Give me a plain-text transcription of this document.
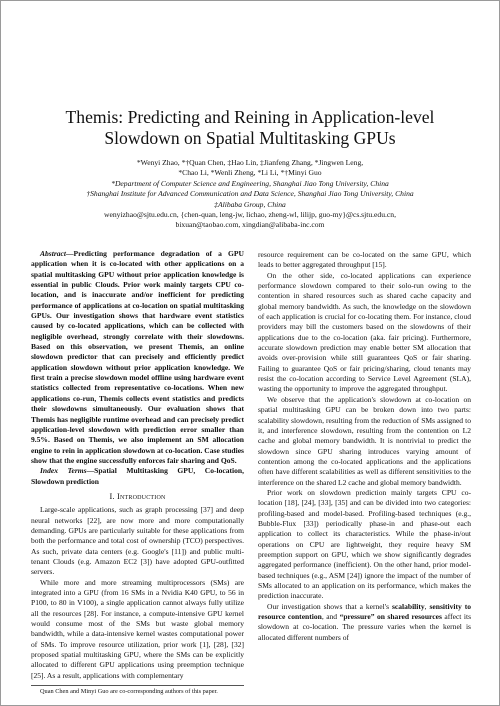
Themis: Predicting and Reining in Application-level
Slowdown on Spatial Multitasking GPUs
*Wenyi Zhao, *†Quan Chen, ‡Hao Lin, ‡Jianfeng Zhang, *Jingwen Leng,
*Chao Li, *Wenli Zheng, *Li Li, *†Minyi Guo
*Department of Computer Science and Engineering, Shanghai Jiao Tong University, China
†Shanghai Institute for Advanced Communication and Data Science, Shanghai Jiao Tong University, China
‡Alibaba Group, China
wenyizhao@sjtu.edu.cn, {chen-quan, leng-jw, lichao, zheng-wl, lilijp, guo-my}@cs.sjtu.edu.cn,
bixuan@taobao.com, xingdian@alibaba-inc.com

Abstract—Predicting performance degradation of a GPU application when it is co-located with other applications on a spatial multitasking GPU without prior application knowledge is essential in public Clouds. Prior work mainly targets CPU co-location, and is inaccurate and/or inefficient for predicting performance of applications at co-location on spatial multitasking GPUs. Our investigation shows that hardware event statistics caused by co-located applications, which can be collected with negligible overhead, strongly correlate with their slowdowns. Based on this observation, we present Themis, an online slowdown predictor that can precisely and efficiently predict application slowdown without prior application knowledge. We first train a precise slowdown model offline using hardware event statistics collected from representative co-locations. When new applications co-run, Themis collects event statistics and predicts their slowdowns simultaneously. Our evaluation shows that Themis has negligible runtime overhead and can precisely predict application-level slowdown with prediction error smaller than 9.5%. Based on Themis, we also implement an SM allocation engine to rein in application slowdown at co-location. Case studies show that the engine successfully enforces fair sharing and QoS.

Index Terms—Spatial Multitasking GPU, Co-location, Slowdown prediction

I. Introduction

Large-scale applications, such as graph processing [37] and deep neural networks [22], are now more and more computationally demanding. GPUs are particularly suitable for these applications from both the performance and total cost of ownership (TCO) perspectives. As such, private data centers (e.g. Google's [11]) and public multi-tenant Clouds (e.g. Amazon EC2 [3]) have adopted GPU-outfitted servers.

While more and more streaming multiprocessors (SMs) are integrated into a GPU (from 16 SMs in a Nvidia K40 GPU, to 56 in P100, to 80 in V100), a single application cannot always fully utilize all the resources [28]. For instance, a compute-intensive GPU kernel would consume most of the SMs but waste global memory bandwidth, while a data-intensive kernel wastes computational power of SMs. To improve resource utilization, prior work [1], [28], [32] proposed spatial multitasking GPU, where the SMs can be explicitly allocated to different GPU applications using preemption technique [25]. As a result, applications with complementary

Quan Chen and Minyi Guo are co-corresponding authors of this paper.

resource requirement can be co-located on the same GPU, which leads to better aggregated throughput [15].

On the other side, co-located applications can experience performance slowdown compared to their solo-run owing to the contention in shared resources such as shared cache capacity and global memory bandwidth. As such, the knowledge on the slowdown of each application is crucial for co-locating them. For instance, cloud providers may bill the customers based on the slowdowns of their applications due to the co-location (aka. fair pricing). Furthermore, accurate slowdown prediction may enable better SM allocation that avoids over-provision while still guarantees QoS or fair sharing. Failing to guarantee QoS or fair pricing/sharing, cloud tenants may resist the co-location according to Service Level Agreement (SLA), wasting the opportunity to improve the aggregated throughput.

We observe that the application's slowdown at co-location on spatial multitasking GPU can be broken down into two parts: scalability slowdown, resulting from the reduction of SMs assigned to it, and interference slowdown, resulting from the contention on L2 cache and global memory bandwidth. It is nontrivial to predict the slowdown since GPU sharing introduces varying amount of contention among the co-located applications and the applications often have different scalabilities as well as different sensitivities to the interference on the shared L2 cache and global memory bandwidth.

Prior work on slowdown prediction mainly targets CPU co-location [18], [24], [33], [35] and can be divided into two categories: profiling-based and model-based. Profiling-based techniques (e.g., Bubble-Flux [33]) periodically phase-in and phase-out each application to collect its characteristics. While the phase-in/out operations on CPU are lightweight, they require heavy SM preemption support on GPU, which we show significantly degrades aggregated performance (inefficient). On the other hand, prior model-based techniques (e.g., ASM [24]) ignore the impact of the number of SMs allocated to an application on its performance, which makes the prediction inaccurate.

Our investigation shows that a kernel's scalability, sensitivity to resource contention, and “pressure” on shared resources affect its slowdown at co-location. The pressure varies when the kernel is allocated different numbers of
